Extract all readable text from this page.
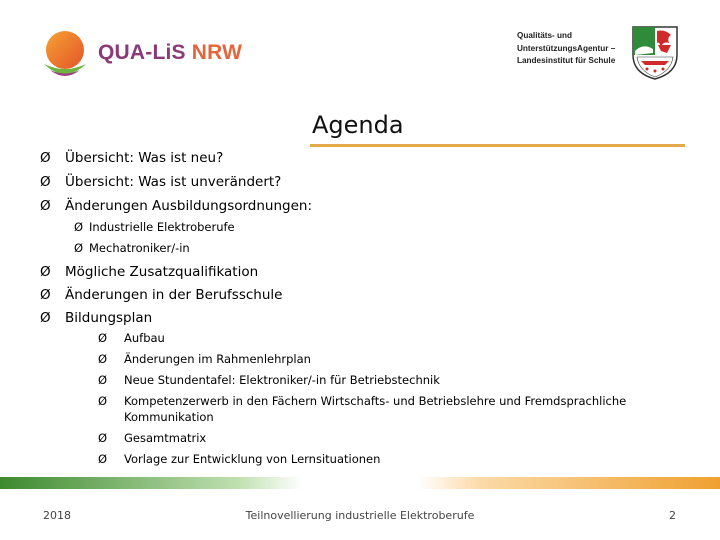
QUA-LiS NRW
Qualitäts- und
UnterstützungsAgentur –
Landesinstitut für Schule
Agenda
Ø Übersicht: Was ist neu?
Ø Übersicht: Was ist unverändert?
Ø Änderungen Ausbildungsordnungen:
Ø Industrielle Elektroberufe
Ø Mechatroniker/-in
Ø Mögliche Zusatzqualifikation
Ø Änderungen in der Berufsschule
Ø Bildungsplan
Ø Aufbau
Ø Änderungen im Rahmenlehrplan
Ø Neue Stundentafel: Elektroniker/-in für Betriebstechnik
Ø Kompetenzerwerb in den Fächern Wirtschafts- und Betriebslehre und Fremdsprachliche
Kommunikation
Ø Gesamtmatrix
Ø Vorlage zur Entwicklung von Lernsituationen
2018	Teilnovellierung industrielle Elektroberufe	2
